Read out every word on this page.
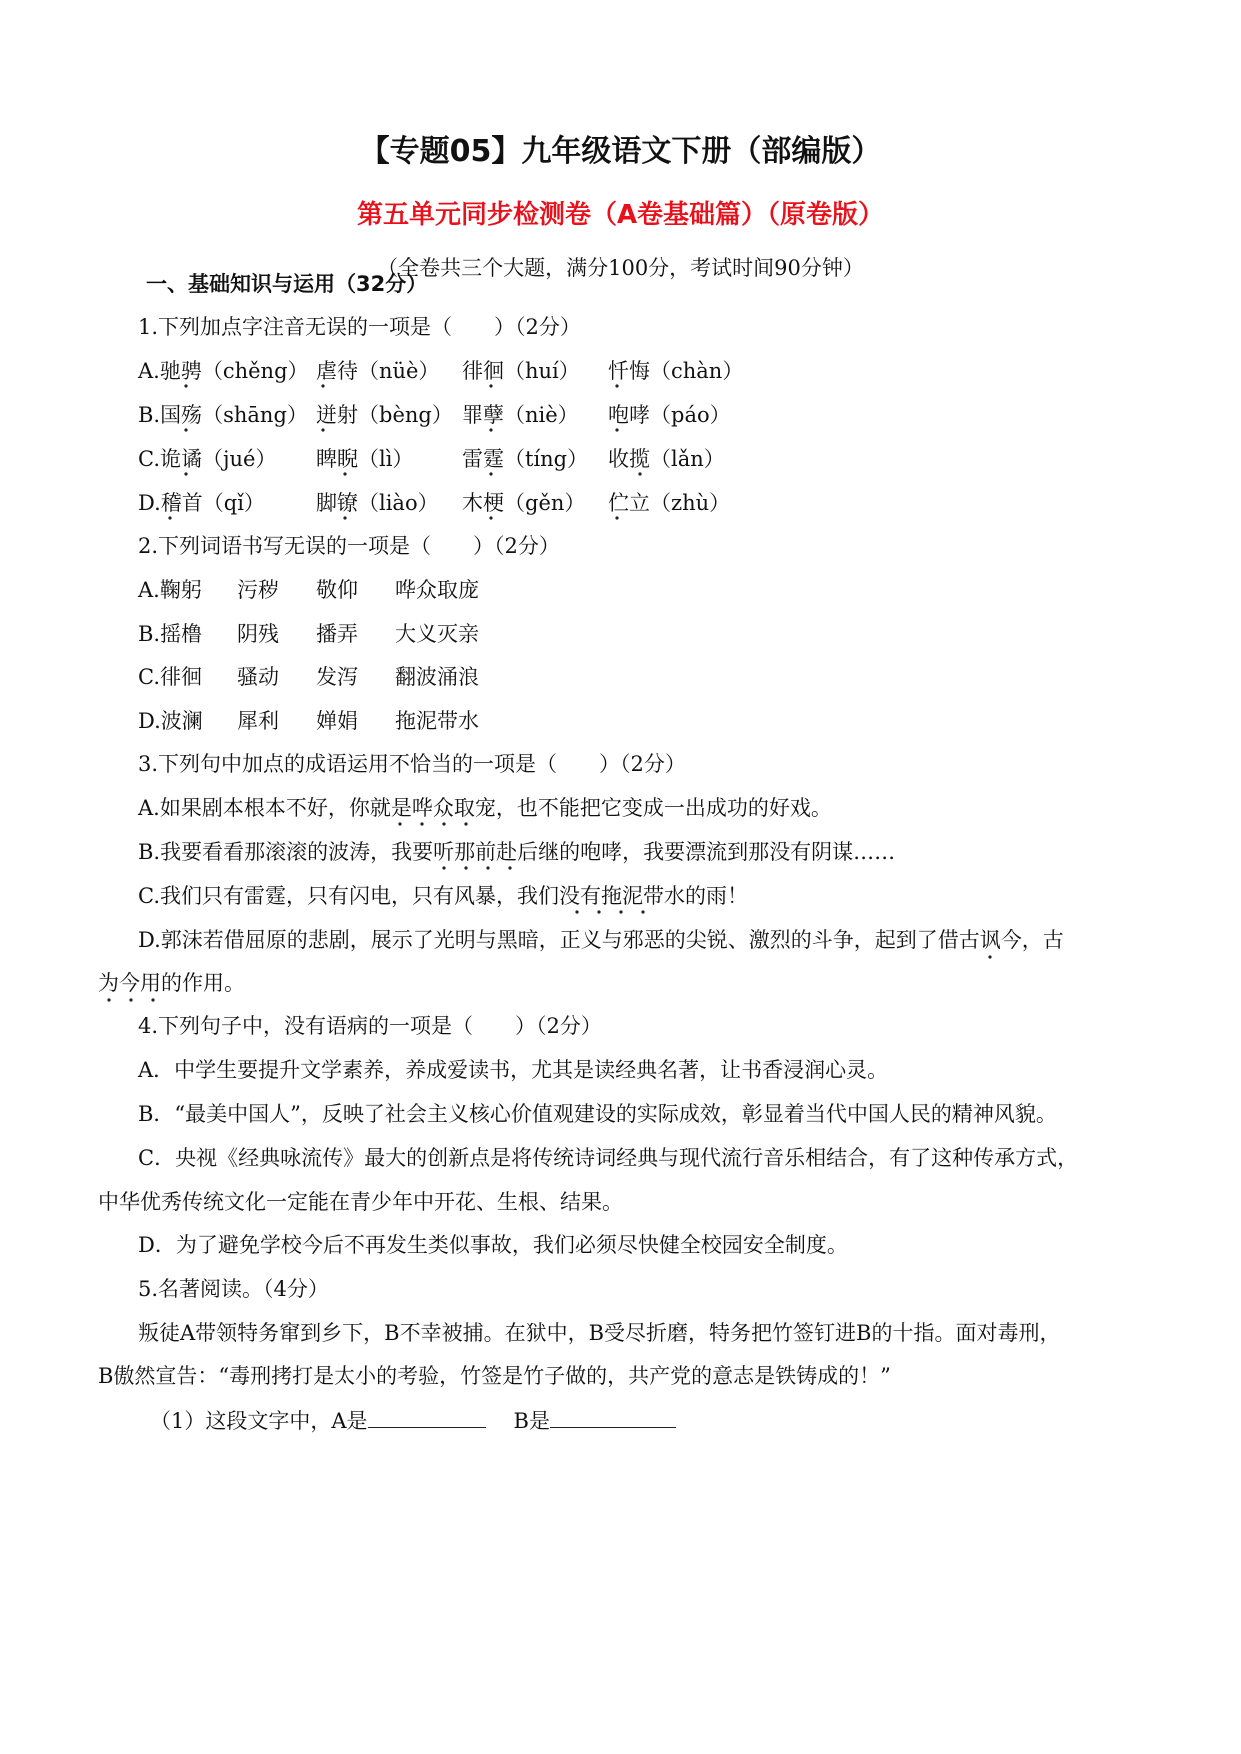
【专题05】九年级语文下册（部编版）
第五单元同步检测卷（A卷基础篇）（原卷版）
（全卷共三个大题，满分100分，考试时间90分钟）
一、基础知识与运用（32分）
1.下列加点字注音无误的一项是（　　）（2分）
A.驰骋（chěng） 虐待（nüè） 徘徊（huí） 忏悔（chàn）
B.国殇（shāng） 迸射（bèng） 罪孽（niè） 咆哮（páo）
C.诡谲（jué） 睥睨（lì） 雷霆（tíng） 收揽（lǎn）
D.稽首（qǐ） 脚镣（liào） 木梗（gěn） 伫立（zhù）
2.下列词语书写无误的一项是（　　）（2分）
A.鞠躬 污秽 敬仰 哗众取庞
B.摇橹 阴残 播弄 大义灭亲
C.徘徊 骚动 发泻 翻波涌浪
D.波澜 犀利 婵娟 拖泥带水
3.下列句中加点的成语运用不恰当的一项是（　　）（2分）
A.如果剧本根本不好，你就是哗众取宠，也不能把它变成一出成功的好戏。
B.我要看看那滚滚的波涛，我要听那前赴后继的咆哮，我要漂流到那没有阴谋……
C.我们只有雷霆，只有闪电，只有风暴，我们没有拖泥带水的雨！
D.郭沫若借屈原的悲剧，展示了光明与黑暗，正义与邪恶的尖锐、激烈的斗争，起到了借古讽今，古
为今用的作用。
4.下列句子中，没有语病的一项是（　　）（2分）
A．中学生要提升文学素养，养成爱读书，尤其是读经典名著，让书香浸润心灵。
B．“最美中国人”，反映了社会主义核心价值观建设的实际成效，彰显着当代中国人民的精神风貌。
C．央视《经典咏流传》最大的创新点是将传统诗词经典与现代流行音乐相结合，有了这种传承方式，
中华优秀传统文化一定能在青少年中开花、生根、结果。
D．为了避免学校今后不再发生类似事故，我们必须尽快健全校园安全制度。
5.名著阅读。（4分）
叛徒A带领特务窜到乡下，B不幸被捕。在狱中，B受尽折磨，特务把竹签钉进B的十指。面对毒刑，
B傲然宣告：“毒刑拷打是太小的考验，竹签是竹子做的，共产党的意志是铁铸成的！”
（1）这段文字中，A是	B是
